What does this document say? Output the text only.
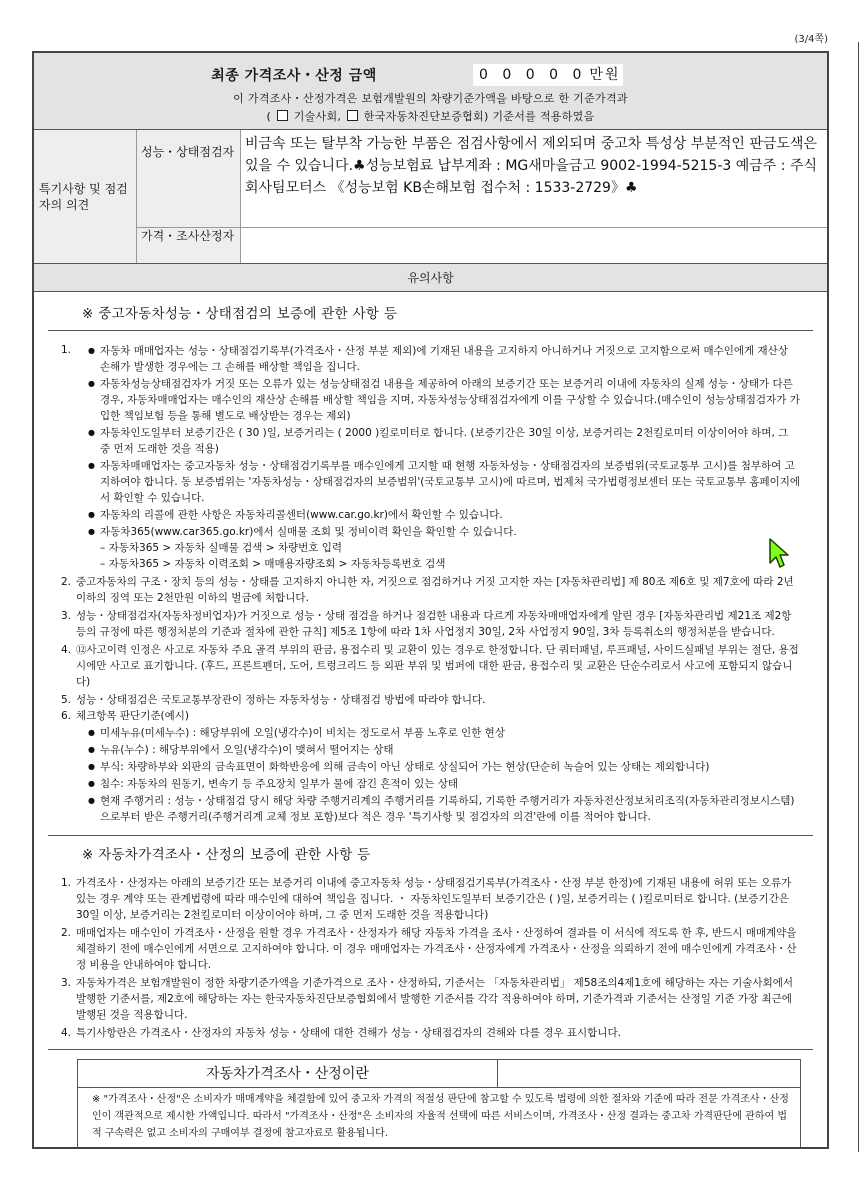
(3/4쪽)
최종 가격조사・산정 금액	0 0 0 0 0 만원
이 가격조사・산정가격은 보험개발원의 차량기준가액을 바탕으로 한 기준가격과
( 기술사회, 한국자동차진단보증협회) 기준서를 적용하였음
특기사항 및 점검자의 의견
성능・상태점검자 비금속 또는 탈부착 가능한 부품은 점검사항에서 제외되며 중고차 특성상 부분적인 판금도색은 있을 수 있습니다.♣성능보험료 납부계좌 : MG새마을금고 9002-1994-5215-3 예금주 : 주식회사팀모터스 《성능보험 KB손해보험 접수처 : 1533-2729》♣
가격・조사산정자
유의사항
※ 중고자동차성능・상태점검의 보증에 관한 사항 등
1.	● 자동차 매매업자는 성능・상태점검기록부(가격조사・산정 부분 제외)에 기재된 내용을 고지하지 아니하거나 거짓으로 고지함으로써 매수인에게 재산상 손해가 발생한 경우에는 그 손해를 배상할 책임을 집니다.
● 자동차성능상태점검자가 거짓 또는 오류가 있는 성능상태점검 내용을 제공하여 아래의 보증기간 또는 보증거리 이내에 자동차의 실제 성능・상태가 다른 경우, 자동차매매업자는 매수인의 재산상 손해를 배상할 책임을 지며, 자동차성능상태점검자에게 이를 구상할 수 있습니다.(매수인이 성능상태점검자가 가입한 책임보험 등을 통해 별도로 배상받는 경우는 제외)
● 자동차인도일부터 보증기간은 ( 30 )일, 보증거리는 ( 2000 )킬로미터로 합니다. (보증기간은 30일 이상, 보증거리는 2천킬로미터 이상이어야 하며, 그 중 먼저 도래한 것을 적용)
● 자동차매매업자는 중고자동차 성능・상태점검기록부를 매수인에게 고지할 때 현행 자동차성능・상태점검자의 보증범위(국토교통부 고시)를 첨부하여 고지하여야 합니다. 동 보증범위는 '자동차성능・상태점검자의 보증범위'(국토교통부 고시)에 따르며, 법제처 국가법령정보센터 또는 국토교통부 홈페이지에서 확인할 수 있습니다.
● 자동차의 리콜에 관한 사항은 자동차리콜센터(www.car.go.kr)에서 확인할 수 있습니다.
● 자동차365(www.car365.go.kr)에서 실매물 조회 및 정비이력 확인을 확인할 수 있습니다.
– 자동차365 > 자동차 실매물 검색 > 차량번호 입력
– 자동차365 > 자동차 이력조회 > 매매용자량조회 > 자동차등록번호 검색
2. 중고자동차의 구조・장치 등의 성능・상태를 고지하지 아니한 자, 거짓으로 점검하거나 거짓 고지한 자는 [자동차관리법] 제 80조 제6호 및 제7호에 따라 2년 이하의 징역 또는 2천만원 이하의 벌금에 처합니다.
3. 성능・상태점검자(자동차정비업자)가 거짓으로 성능・상태 점검을 하거나 점검한 내용과 다르게 자동차매매업자에게 알린 경우 [자동차관리법 제21조 제2항 등의 규정에 따른 행정처분의 기준과 절차에 관한 규칙] 제5조 1항에 따라 1차 사업정지 30일, 2차 사업정지 90일, 3차 등록취소의 행정처분을 받습니다.
4. ⑫사고이력 인정은 사고로 자동차 주요 골격 부위의 판금, 용접수리 및 교환이 있는 경우로 한정합니다. 단 쿼터패널, 루프패널, 사이드실패널 부위는 절단, 용접 시에만 사고로 표기합니다. (후드, 프론트펜더, 도어, 트렁크리드 등 외판 부위 및 범퍼에 대한 판금, 용접수리 및 교환은 단순수리로서 사고에 포함되지 않습니다)
5. 성능・상태점검은 국토교통부장관이 정하는 자동차성능・상태점검 방법에 따라야 합니다.
6. 체크항목 판단기준(예시)
● 미세누유(미세누수) : 해당부위에 오일(냉각수)이 비치는 정도로서 부품 노후로 인한 현상
● 누유(누수) : 해당부위에서 오일(냉각수)이 맺혀서 떨어지는 상태
● 부식: 차량하부와 외판의 금속표면이 화학반응에 의해 금속이 아닌 상태로 상실되어 가는 현상(단순히 녹슬어 있는 상태는 제외합니다)
● 침수: 자동차의 원동기, 변속기 등 주요장치 일부가 물에 잠긴 흔적이 있는 상태
● 현재 주행거리 : 성능・상태점검 당시 해당 차량 주행거리계의 주행거리를 기록하되, 기록한 주행거리가 자동차전산정보처리조직(자동차관리정보시스템)으로부터 받은 주행거리(주행거리계 교체 정보 포함)보다 적은 경우 '특기사항 및 점검자의 의견'란에 이를 적어야 합니다.
※ 자동차가격조사・산정의 보증에 관한 사항 등
1. 가격조사・산정자는 아래의 보증기간 또는 보증거리 이내에 중고자동차 성능・상태점검기록부(가격조사・산정 부분 한정)에 기재된 내용에 허위 또는 오류가 있는 경우 계약 또는 관계법령에 따라 매수인에 대하여 책임을 집니다. ・ 자동차인도일부터 보증기간은 ( )일, 보증거리는 ( )킬로미터로 합니다. (보증기간은 30일 이상, 보증거리는 2천킬로미터 이상이어야 하며, 그 중 먼저 도래한 것을 적용합니다)
2. 매매업자는 매수인이 가격조사・산정을 원할 경우 가격조사・산정자가 해당 자동차 가격을 조사・산정하여 결과를 이 서식에 적도록 한 후, 반드시 매매계약을 체결하기 전에 매수인에게 서면으로 고지하여야 합니다. 이 경우 매매업자는 가격조사・산정자에게 가격조사・산정을 의뢰하기 전에 매수인에게 가격조사・산정 비용을 안내하여야 합니다.
3. 자동차가격은 보험개발원이 정한 차량기준가액을 기준가격으로 조사・산정하되, 기준서는 「자동차관리법」 제58조의4제1호에 해당하는 자는 기술사회에서 발행한 기준서를, 제2호에 해당하는 자는 한국자동차진단보증협회에서 발행한 기준서를 각각 적용하여야 하며, 기준가격과 기준서는 산정일 기준 가장 최근에 발행된 것을 적용합니다.
4. 특기사항란은 가격조사・산정자의 자동차 성능・상태에 대한 견해가 성능・상태점검자의 견해와 다를 경우 표시합니다.
자동차가격조사・산정이란
※ "가격조사・산정"은 소비자가 매매계약을 체결함에 있어 중고차 가격의 적절성 판단에 참고할 수 있도록 법령에 의한 절차와 기준에 따라 전문 가격조사・산정인이 객관적으로 제시한 가액입니다. 따라서 "가격조사・산정"은 소비자의 자율적 선택에 따른 서비스이며, 가격조사・산정 결과는 중고차 가격판단에 관하여 법적 구속력은 없고 소비자의 구매여부 결정에 참고자료로 활용됩니다.
